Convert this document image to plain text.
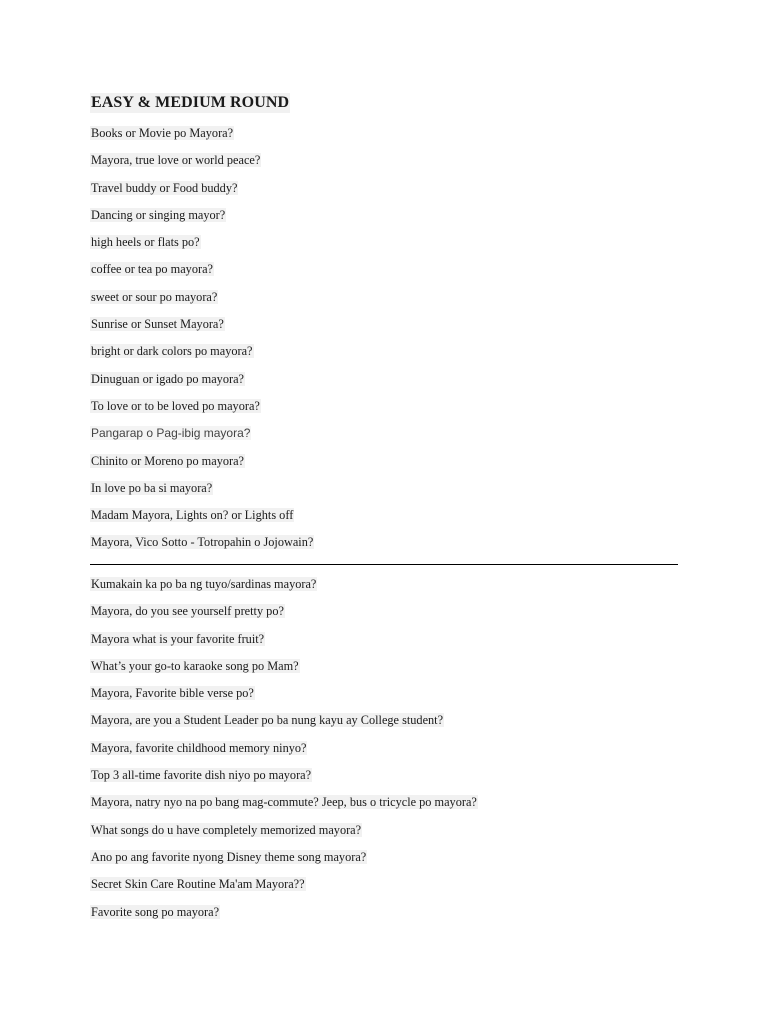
EASY & MEDIUM ROUND
Books or Movie po Mayora?
Mayora, true love or world peace?
Travel buddy or Food buddy?
Dancing or singing mayor?
high heels or flats po?
coffee or tea po mayora?
sweet or sour po mayora?
Sunrise or Sunset Mayora?
bright or dark colors po mayora?
Dinuguan or igado po mayora?
To love or to be loved po mayora?
Pangarap o Pag-ibig mayora?
Chinito or Moreno po mayora?
In love po ba si mayora?
Madam Mayora, Lights on? or Lights off
Mayora, Vico Sotto - Totropahin o Jojowain?
Kumakain ka po ba ng tuyo/sardinas mayora?
Mayora, do you see yourself pretty po?
Mayora what is your favorite fruit?
What’s your go-to karaoke song po Mam?
Mayora, Favorite bible verse po?
Mayora, are you a Student Leader po ba nung kayu ay College student?
Mayora, favorite childhood memory ninyo?
Top 3 all-time favorite dish niyo po mayora?
Mayora, natry nyo na po bang mag-commute? Jeep, bus o tricycle po mayora?
What songs do u have completely memorized mayora?
Ano po ang favorite nyong Disney theme song mayora?
Secret Skin Care Routine Ma'am Mayora??
Favorite song po mayora?
